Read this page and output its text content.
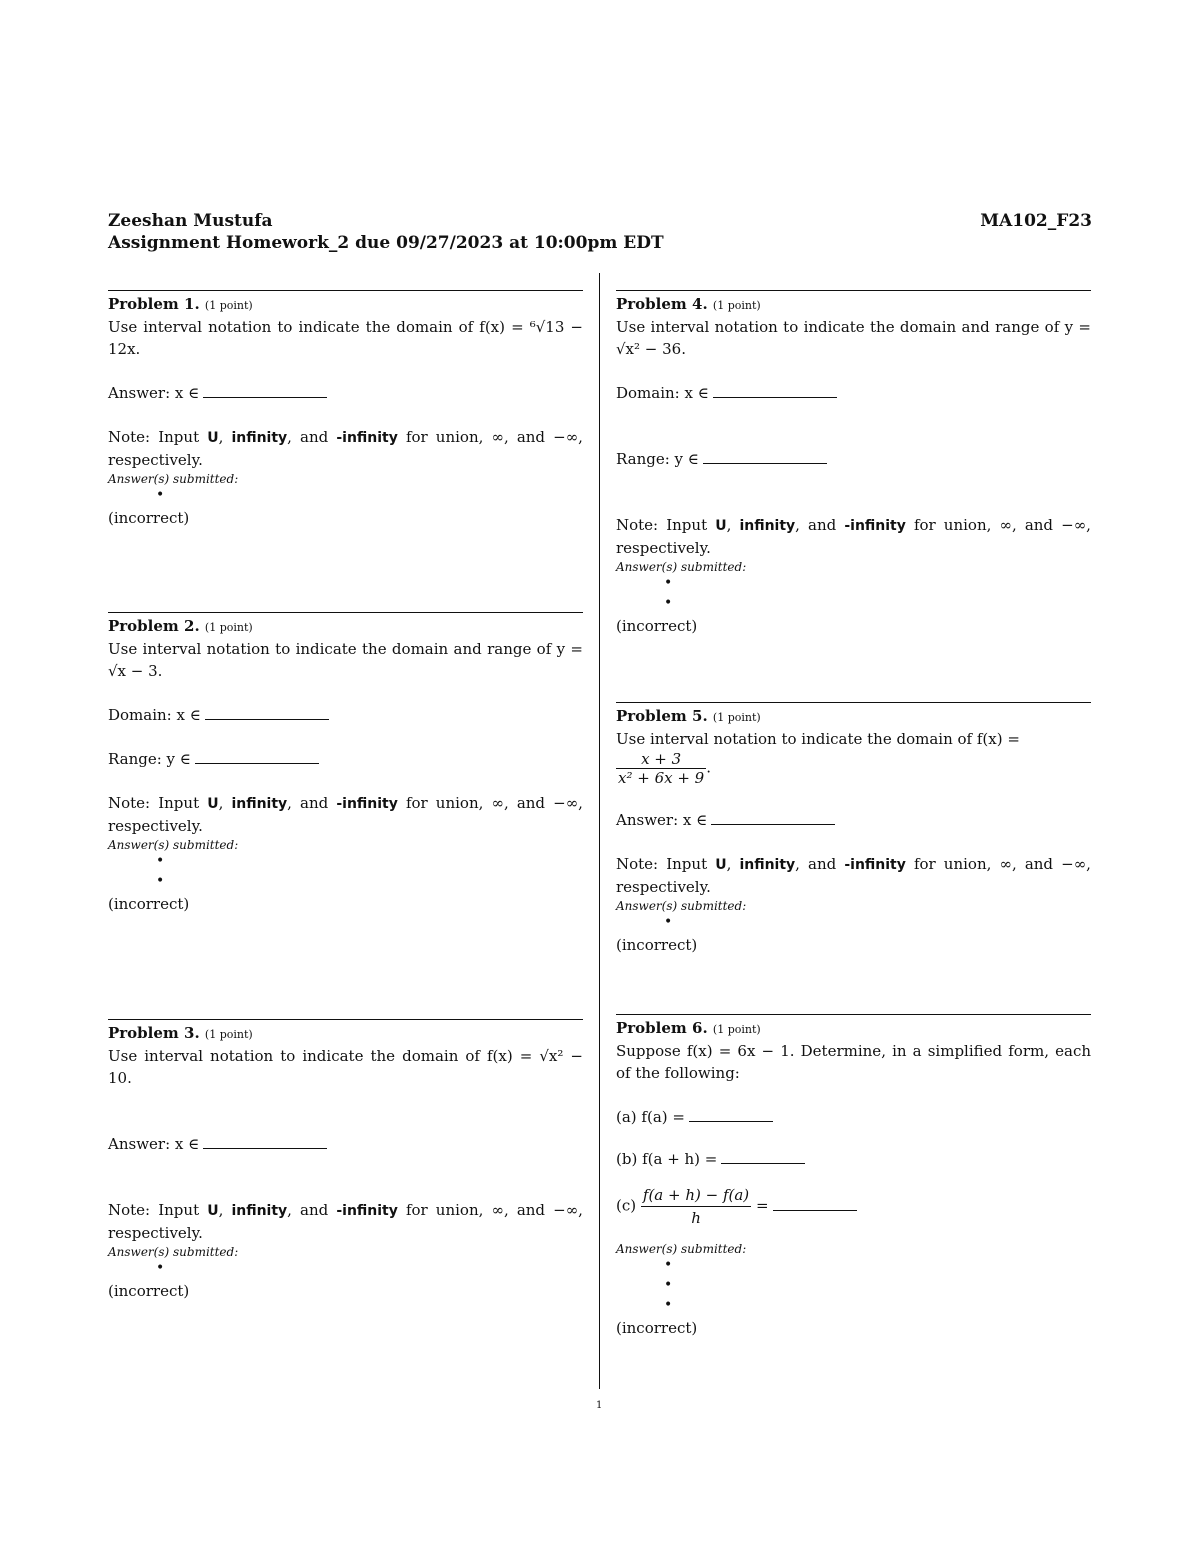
Zeeshan Mustufa	MA102_F23
Assignment Homework_2 due 09/27/2023 at 10:00pm EDT
Problem 1. (1 point)
Use interval notation to indicate the domain of f(x) = ⁶√13 − 12x.
Answer: x ∈
Note: Input U, infinity, and -infinity for union, ∞, and −∞, respectively.
Answer(s) submitted:
•
(incorrect)
Problem 2. (1 point)
Use interval notation to indicate the domain and range of y = √x − 3.
Domain: x ∈
Range: y ∈
Note: Input U, infinity, and -infinity for union, ∞, and −∞, respectively.
Answer(s) submitted:
•
•
(incorrect)
Problem 3. (1 point)
Use interval notation to indicate the domain of f(x) = √x² − 10.
Answer: x ∈
Note: Input U, infinity, and -infinity for union, ∞, and −∞, respectively.
Answer(s) submitted:
•
(incorrect)
Problem 4. (1 point)
Use interval notation to indicate the domain and range of y = √x² − 36.
Domain: x ∈
Range: y ∈
Note: Input U, infinity, and -infinity for union, ∞, and −∞, respectively.
Answer(s) submitted:
•
•
(incorrect)
Problem 5. (1 point)
Use interval notation to indicate the domain of f(x) =
$\frac{x + 3}{\text{x² + 6x + 9}}$ .
Answer: x ∈
Note: Input U, infinity, and -infinity for union, ∞, and −∞, respectively.
Answer(s) submitted:
•
(incorrect)
Problem 6. (1 point)
Suppose f(x) = 6x − 1. Determine, in a simplified form, each of the following:
(a) f(a) =
(b) f(a + h) =
$(c) \frac{f(a + h) - f(a)}{h}$ =
Answer(s) submitted:
•
•
•
(incorrect)
1
